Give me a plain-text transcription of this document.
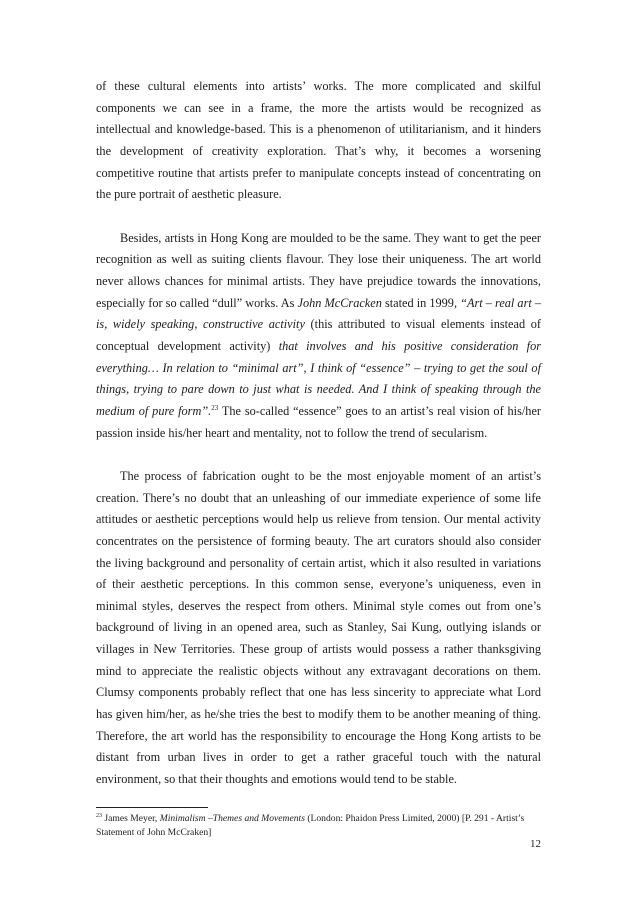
of these cultural elements into artists’ works. The more complicated and skilful components we can see in a frame, the more the artists would be recognized as intellectual and knowledge-based. This is a phenomenon of utilitarianism, and it hinders the development of creativity exploration. That’s why, it becomes a worsening competitive routine that artists prefer to manipulate concepts instead of concentrating on the pure portrait of aesthetic pleasure.

Besides, artists in Hong Kong are moulded to be the same. They want to get the peer recognition as well as suiting clients flavour. They lose their uniqueness. The art world never allows chances for minimal artists. They have prejudice towards the innovations, especially for so called “dull” works. As John McCracken stated in 1999, “Art – real art – is, widely speaking, constructive activity (this attributed to visual elements instead of conceptual development activity) that involves and his positive consideration for everything… In relation to “minimal art”, I think of “essence” – trying to get the soul of things, trying to pare down to just what is needed. And I think of speaking through the medium of pure form”.$^{23}$ The so-called “essence” goes to an artist’s real vision of his/her passion inside his/her heart and mentality, not to follow the trend of secularism.

The process of fabrication ought to be the most enjoyable moment of an artist’s creation. There’s no doubt that an unleashing of our immediate experience of some life attitudes or aesthetic perceptions would help us relieve from tension. Our mental activity concentrates on the persistence of forming beauty. The art curators should also consider the living background and personality of certain artist, which it also resulted in variations of their aesthetic perceptions. In this common sense, everyone’s uniqueness, even in minimal styles, deserves the respect from others. Minimal style comes out from one’s background of living in an opened area, such as Stanley, Sai Kung, outlying islands or villages in New Territories. These group of artists would possess a rather thanksgiving mind to appreciate the realistic objects without any extravagant decorations on them. Clumsy components probably reflect that one has less sincerity to appreciate what Lord has given him/her, as he/she tries the best to modify them to be another meaning of thing. Therefore, the art world has the responsibility to encourage the Hong Kong artists to be distant from urban lives in order to get a rather graceful touch with the natural environment, so that their thoughts and emotions would tend to be stable.

$^{23}$ James Meyer, Minimalism –Themes and Movements (London: Phaidon Press Limited, 2000) [P. 291 - Artist’s Statement of John McCraken]
12
